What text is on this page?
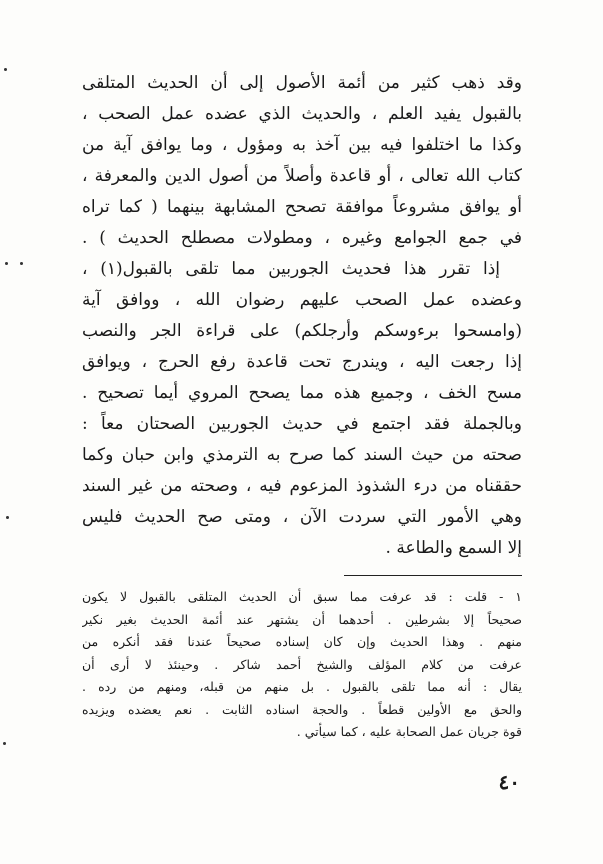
وقد ذهب كثير من أئمة الأصول إلى أن الحديث المتلقى
بالقبول يفيد العلم ، والحديث الذي عضده عمل الصحب ،
وكذا ما اختلفوا فيه بين آخذ به ومؤول ، وما يوافق آية من
كتاب الله تعالى ، أو قاعدة وأصلاً من أصول الدين والمعرفة ،
أو يوافق مشروعاً موافقة تصحح المشابهة بينهما ( كما تراه
في جمع الجوامع وغيره ، ومطولات مصطلح الحديث ) .
إذا تقرر هذا فحديث الجوربين مما تلقى بالقبول(١) ،
وعضده عمل الصحب عليهم رضوان الله ، ووافق آية
(وامسحوا برءوسكم وأرجلكم) على قراءة الجر والنصب
إذا رجعت اليه ، ويندرج تحت قاعدة رفع الحرج ، ويوافق
مسح الخف ، وجميع هذه مما يصحح المروي أيما تصحيح .
وبالجملة فقد اجتمع في حديث الجوربين الصحتان معاً :
صحته من حيث السند كما صرح به الترمذي وابن حبان وكما
حققناه من درء الشذوذ المزعوم فيه ، وصحته من غير السند
وهي الأمور التي سردت الآن ، ومتى صح الحديث فليس
إلا السمع والطاعة .
١ - قلت : قد عرفت مما سبق أن الحديث المتلقى بالقبول لا يكون
صحيحاً إلا بشرطين . أحدهما أن يشتهر عند أئمة الحديث بغير نكير
منهم . وهذا الحديث وإن كان إسناده صحيحاً عندنا فقد أنكره من
عرفت من كلام المؤلف والشيخ أحمد شاكر . وحينئذ لا أرى أن
يقال : أنه مما تلقى بالقبول . بل منهم من قبله، ومنهم من رده .
والحق مع الأولين قطعاً . والحجة اسناده الثابت . نعم يعضده ويزيده
قوة جريان عمل الصحابة عليه ، كما سيأتي .
٤٠
